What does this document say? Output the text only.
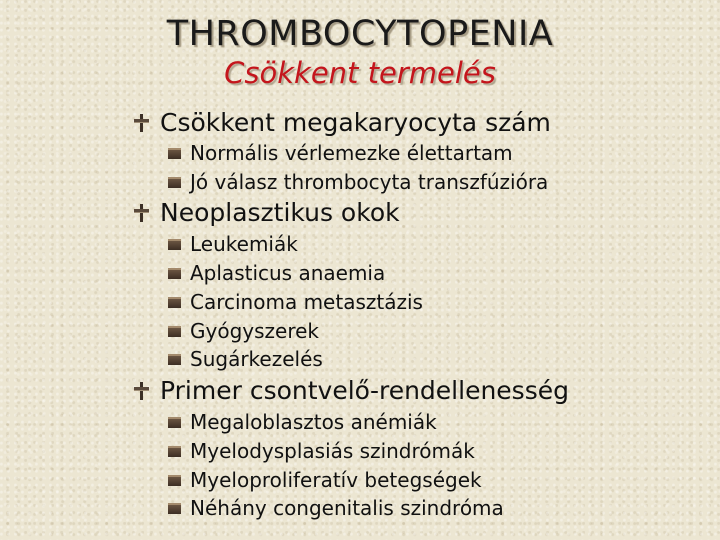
THROMBOCYTOPENIA
Csökkent termelés
Csökkent megakaryocyta szám
Normális vérlemezke élettartam
Jó válasz thrombocyta transzfúzióra
Neoplasztikus okok
Leukemiák
Aplasticus anaemia
Carcinoma metasztázis
Gyógyszerek
Sugárkezelés
Primer csontvelő-rendellenesség
Megaloblasztos anémiák
Myelodysplasiás szindrómák
Myeloproliferatív betegségek
Néhány congenitalis szindróma
